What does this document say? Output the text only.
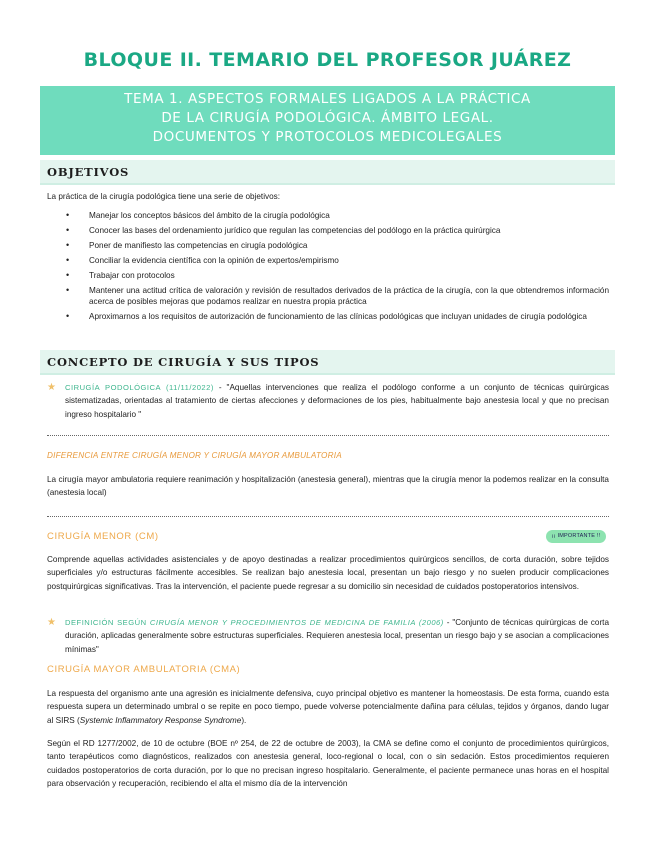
BLOQUE II. TEMARIO DEL PROFESOR JUÁREZ
TEMA 1. ASPECTOS FORMALES LIGADOS A LA PRÁCTICA
DE LA CIRUGÍA PODOLÓGICA. ÁMBITO LEGAL.
DOCUMENTOS Y PROTOCOLOS MEDICOLEGALES
OBJETIVOS
La práctica de la cirugía podológica tiene una serie de objetivos:
• Manejar los conceptos básicos del ámbito de la cirugía podológica
• Conocer las bases del ordenamiento jurídico que regulan las competencias del podólogo en la práctica quirúrgica
• Poner de manifiesto las competencias en cirugía podológica
• Conciliar la evidencia científica con la opinión de expertos/empirismo
• Trabajar con protocolos
• Mantener una actitud crítica de valoración y revisión de resultados derivados de la práctica de la cirugía, con la que obtendremos información acerca de posibles mejoras que podamos realizar en nuestra propia práctica
• Aproximarnos a los requisitos de autorización de funcionamiento de las clínicas podológicas que incluyan unidades de cirugía podológica
CONCEPTO DE CIRUGÍA Y SUS TIPOS
★ CIRUGÍA PODOLÓGICA (11/11/2022) - "Aquellas intervenciones que realiza el podólogo conforme a un conjunto de técnicas quirúrgicas sistematizadas, orientadas al tratamiento de ciertas afecciones y deformaciones de los pies, habitualmente bajo anestesia local y que no precisan ingreso hospitalario "
DIFERENCIA ENTRE CIRUGÍA MENOR Y CIRUGÍA MAYOR AMBULATORIA
La cirugía mayor ambulatoria requiere reanimación y hospitalización (anestesia general), mientras que la cirugía menor la podemos realizar en la consulta (anestesia local)
CIRUGÍA MENOR (CM)	¡¡ IMPORTANTE !!
Comprende aquellas actividades asistenciales y de apoyo destinadas a realizar procedimientos quirúrgicos sencillos, de corta duración, sobre tejidos superficiales y/o estructuras fácilmente accesibles. Se realizan bajo anestesia local, presentan un bajo riesgo y no suelen producir complicaciones postquirúrgicas significativas. Tras la intervención, el paciente puede regresar a su domicilio sin necesidad de cuidados postoperatorios intensivos.
★ DEFINICIÓN SEGÚN CIRUGÍA MENOR Y PROCEDIMIENTOS DE MEDICINA DE FAMILIA (2006) - "Conjunto de técnicas quirúrgicas de corta duración, aplicadas generalmente sobre estructuras superficiales. Requieren anestesia local, presentan un riesgo bajo y se asocian a complicaciones mínimas"
CIRUGÍA MAYOR AMBULATORIA (CMA)
La respuesta del organismo ante una agresión es inicialmente defensiva, cuyo principal objetivo es mantener la homeostasis. De esta forma, cuando esta respuesta supera un determinado umbral o se repite en poco tiempo, puede volverse potencialmente dañina para células, tejidos y órganos, dando lugar al SIRS (Systemic Inflammatory Response Syndrome).
Según el RD 1277/2002, de 10 de octubre (BOE nº 254, de 22 de octubre de 2003), la CMA se define como el conjunto de procedimientos quirúrgicos, tanto terapéuticos como diagnósticos, realizados con anestesia general, loco-regional o local, con o sin sedación. Estos procedimientos requieren cuidados postoperatorios de corta duración, por lo que no precisan ingreso hospitalario. Generalmente, el paciente permanece unas horas en el hospital para observación y recuperación, recibiendo el alta el mismo día de la intervención
